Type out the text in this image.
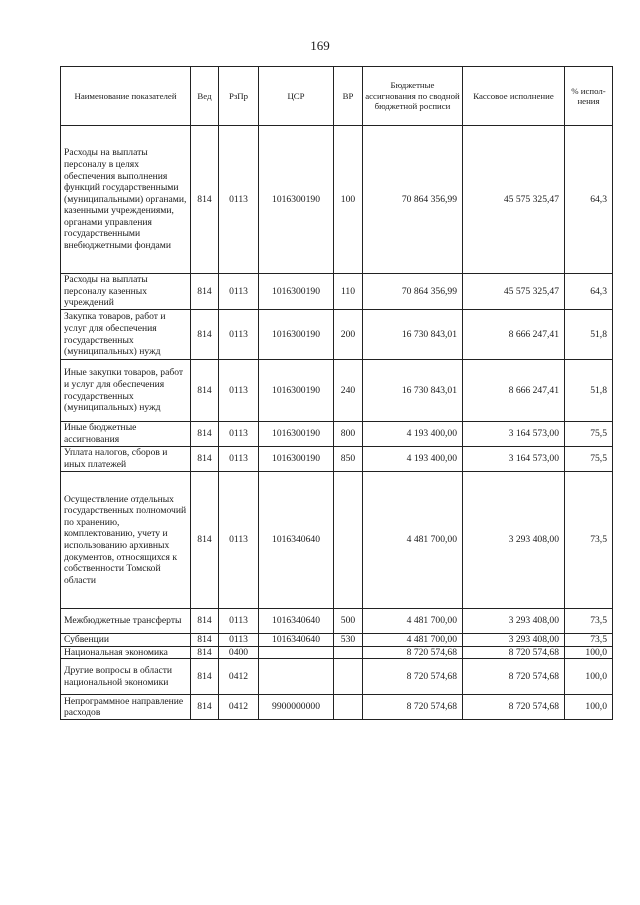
169
Наименование показателей	Вед	РзПр	ЦСР	ВР	Бюджетные ассигнования по сводной бюджетной росписи	Кассовое исполнение	% испол-нения
Расходы на выплаты персоналу в целях обеспечения выполнения функций государственными (муниципальными) органами, казенными учреждениями, органами управления государственными внебюджетными фондами	814	0113	1016300190	100	70 864 356,99	45 575 325,47	64,3
Расходы на выплаты персоналу казенных учреждений	814	0113	1016300190	110	70 864 356,99	45 575 325,47	64,3
Закупка товаров, работ и услуг для обеспечения государственных (муниципальных) нужд	814	0113	1016300190	200	16 730 843,01	8 666 247,41	51,8
Иные закупки товаров, работ и услуг для обеспечения государственных (муниципальных) нужд	814	0113	1016300190	240	16 730 843,01	8 666 247,41	51,8
Иные бюджетные ассигнования	814	0113	1016300190	800	4 193 400,00	3 164 573,00	75,5
Уплата налогов, сборов и иных платежей	814	0113	1016300190	850	4 193 400,00	3 164 573,00	75,5
Осуществление отдельных государственных полномочий по хранению, комплектованию, учету и использованию архивных документов, относящихся к собственности Томской области	814	0113	1016340640		4 481 700,00	3 293 408,00	73,5
Межбюджетные трансферты	814	0113	1016340640	500	4 481 700,00	3 293 408,00	73,5
Субвенции	814	0113	1016340640	530	4 481 700,00	3 293 408,00	73,5
Национальная экономика	814	0400			8 720 574,68	8 720 574,68	100,0
Другие вопросы в области национальной экономики	814	0412			8 720 574,68	8 720 574,68	100,0
Непрограммное направление расходов	814	0412	9900000000		8 720 574,68	8 720 574,68	100,0
